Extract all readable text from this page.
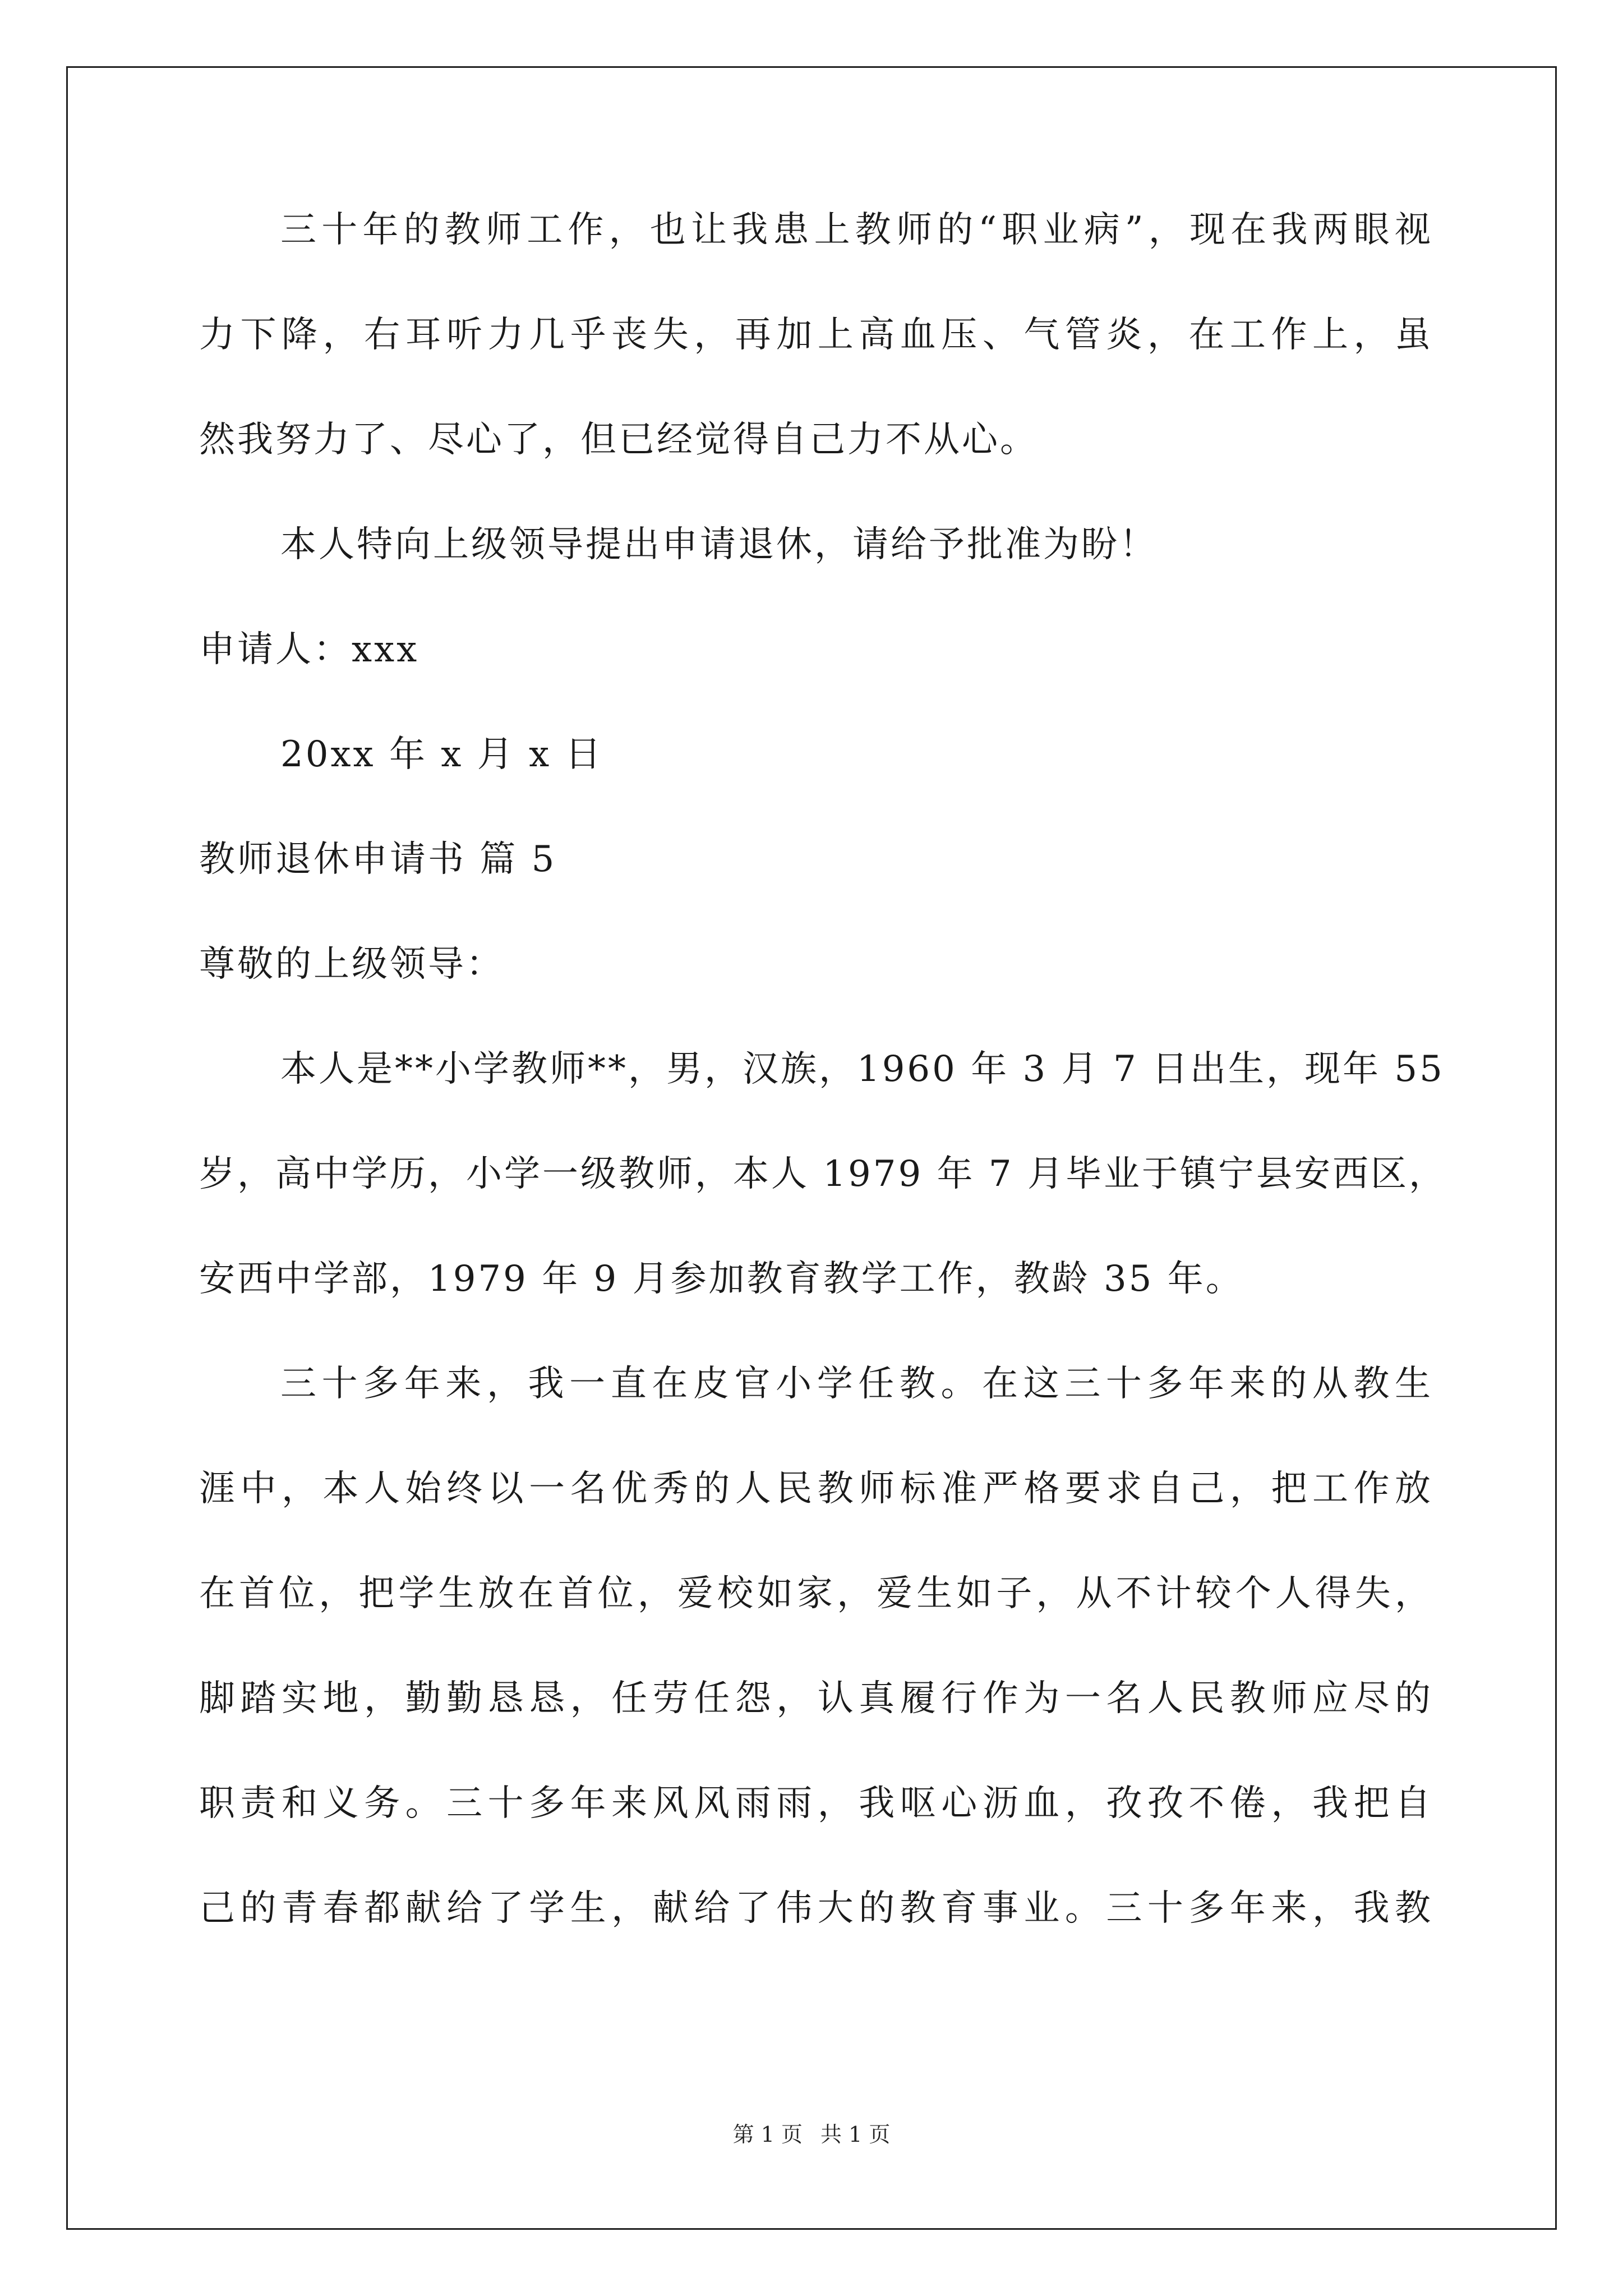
三十年的教师工作，也让我患上教师的“职业病”，现在我两眼视
力下降，右耳听力几乎丧失，再加上高血压、气管炎，在工作上，虽
然我努力了、尽心了，但已经觉得自己力不从心。
本人特向上级领导提出申请退休，请给予批准为盼！
申请人：xxx
20xx 年 x 月 x 日
教师退休申请书 篇 5
尊敬的上级领导：
本人是**小学教师**，男，汉族，1960 年 3 月 7 日出生，现年 55
岁，高中学历，小学一级教师，本人 1979 年 7 月毕业于镇宁县安西区，
安西中学部，1979 年 9 月参加教育教学工作，教龄 35 年。
三十多年来，我一直在皮官小学任教。在这三十多年来的从教生
涯中，本人始终以一名优秀的人民教师标准严格要求自己，把工作放
在首位，把学生放在首位，爱校如家，爱生如子，从不计较个人得失，
脚踏实地，勤勤恳恳，任劳任怨，认真履行作为一名人民教师应尽的
职责和义务。三十多年来风风雨雨，我呕心沥血，孜孜不倦，我把自
己的青春都献给了学生，献给了伟大的教育事业。三十多年来，我教
第 1 页 共 1 页
